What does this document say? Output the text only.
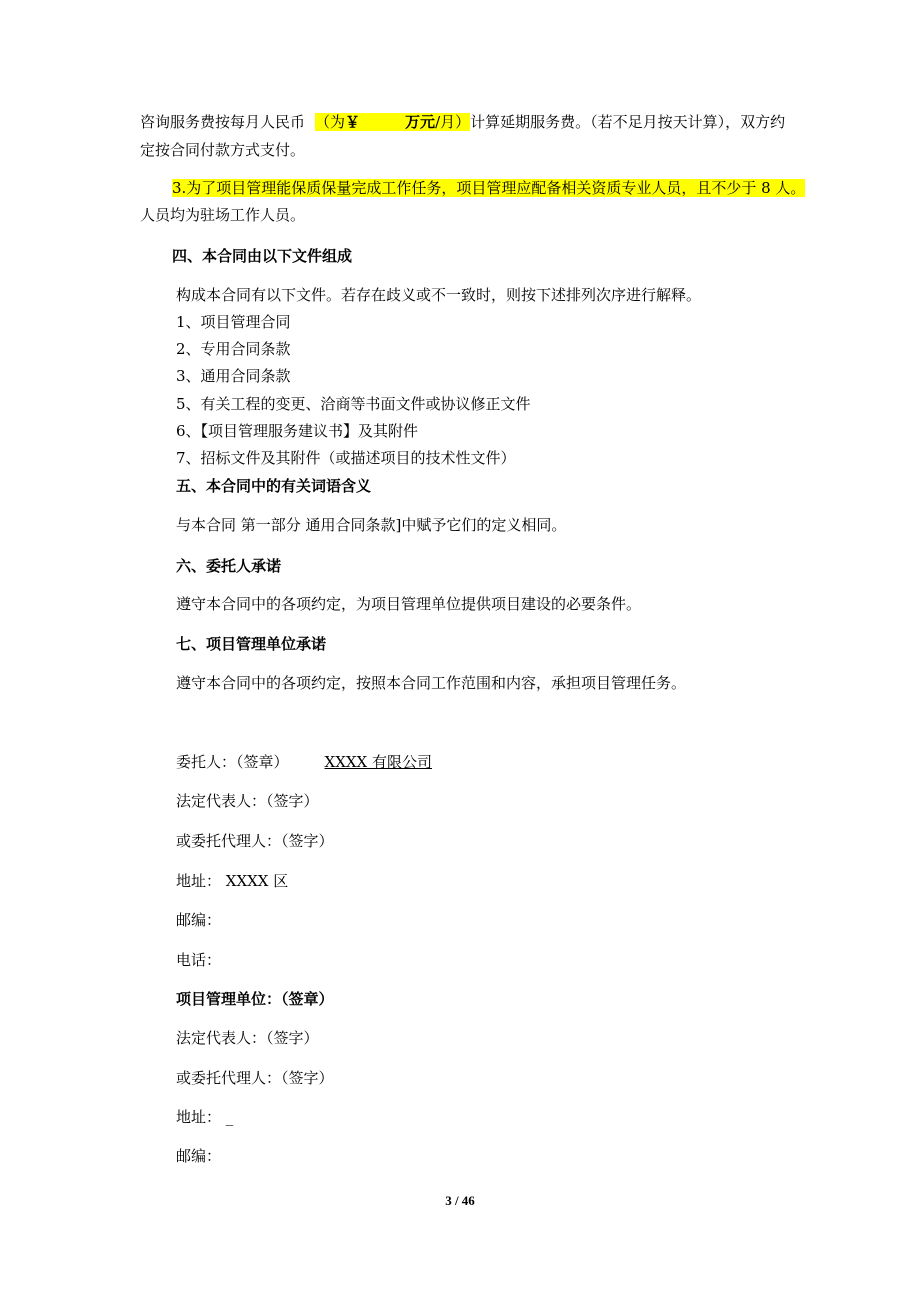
咨询服务费按每月人民币 （为￥	万元/月）计算延期服务费。（若不足月按天计算），双方约
定按合同付款方式支付。
3.为了项目管理能保质保量完成工作任务，项目管理应配备相关资质专业人员，且不少于 8 人。
人员均为驻场工作人员。
四、本合同由以下文件组成
构成本合同有以下文件。若存在歧义或不一致时，则按下述排列次序进行解释。
1、项目管理合同
2、专用合同条款
3、通用合同条款
5、有关工程的变更、洽商等书面文件或协议修正文件
6、【项目管理服务建议书】及其附件
7、招标文件及其附件（或描述项目的技术性文件）
五、本合同中的有关词语含义
与本合同 第一部分 通用合同条款]中赋予它们的定义相同。
六、委托人承诺
遵守本合同中的各项约定，为项目管理单位提供项目建设的必要条件。
七、项目管理单位承诺
遵守本合同中的各项约定，按照本合同工作范围和内容，承担项目管理任务。
委托人：（签章） XXXX 有限公司
法定代表人：（签字）
或委托代理人：（签字）
地址： XXXX 区
邮编：
电话：
项目管理单位：（签章）
法定代表人：（签字）
或委托代理人：（签字）
地址： _
邮编：
3 / 46
